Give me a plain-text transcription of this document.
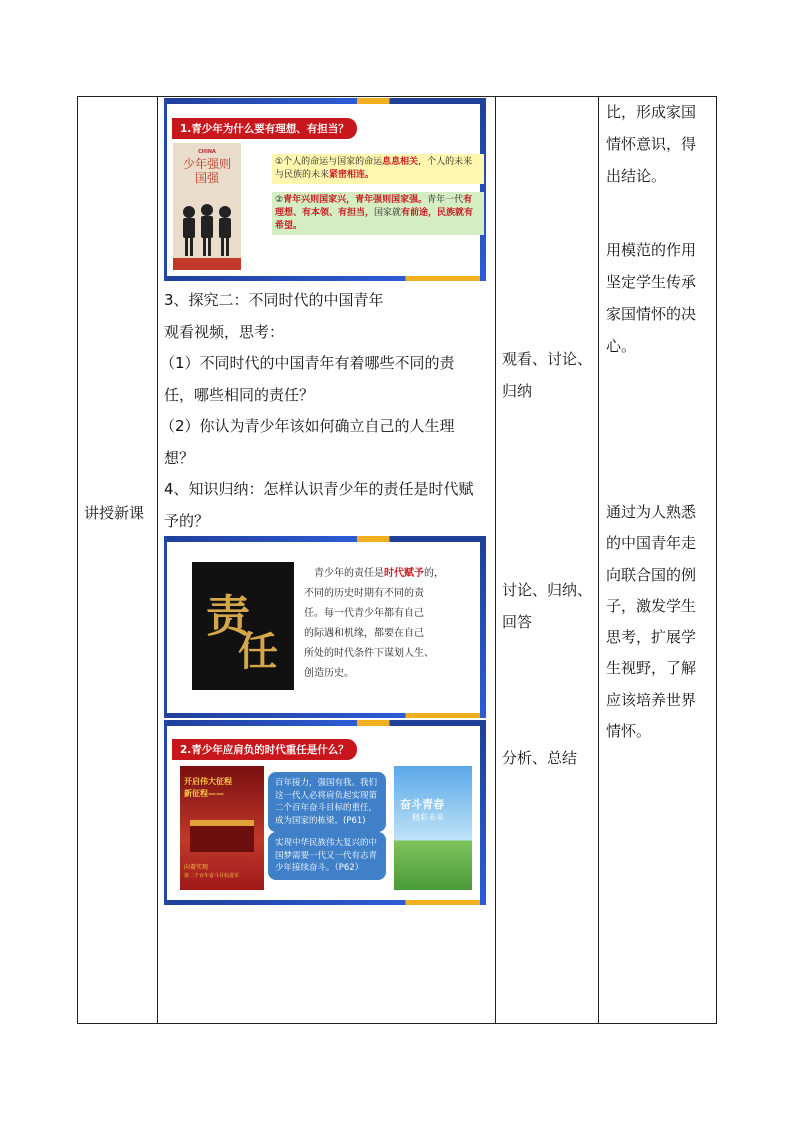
讲授新课
1.青少年为什么要有理想、有担当？
CHINA
少年强则国强
①个人的命运与国家的命运息息相关，个人的未来与民族的未来紧密相连。
②青年兴则国家兴，青年强则国家强。青年一代有理想、有本领、有担当，国家就有前途，民族就有希望。
3、探究二：不同时代的中国青年
观看视频，思考：
（1）不同时代的中国青年有着哪些不同的责
任，哪些相同的责任？
（2）你认为青少年该如何确立自己的人生理
想？
4、知识归纳：怎样认识青少年的责任是时代赋
予的？
责
任
青少年的责任是时代赋予的，
不同的历史时期有不同的责
任。每一代青少年都有自己
的际遇和机缘，都要在自己
所处的时代条件下谋划人生、
创造历史。
2.青少年应肩负的时代重任是什么？
开启伟大征程
新征程——
向着实现
第二个百年奋斗目标进军
百年接力，强国有我。我们这一代人必将肩负起实现第二个百年奋斗目标的重任，成为国家的栋梁。(P61)
实现中华民族伟大复兴的中国梦需要一代又一代有志青少年接续奋斗。（P62）
奋斗青春
精彩未来
观看、讨论、
归纳
讨论、归纳、
回答
分析、总结
比，形成家国
情怀意识，得
出结论。
用模范的作用
坚定学生传承
家国情怀的决
心。
通过为人熟悉
的中国青年走
向联合国的例
子，激发学生
思考，扩展学
生视野，了解
应该培养世界
情怀。
